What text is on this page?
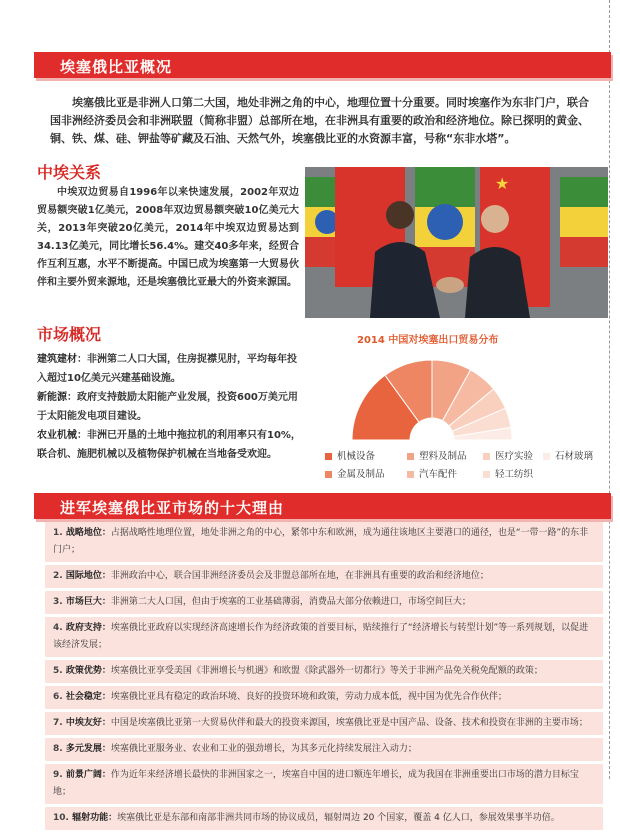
埃塞俄比亚概况
埃塞俄比亚是非洲人口第二大国，地处非洲之角的中心，地理位置十分重要。同时埃塞作为东非门户，联合国非洲经济委员会和非洲联盟（简称非盟）总部所在地，在非洲具有重要的政治和经济地位。除已探明的黄金、铜、铁、煤、硅、钾盐等矿藏及石油、天然气外，埃塞俄比亚的水资源丰富，号称“东非水塔”。
中埃关系
中埃双边贸易自1996年以来快速发展，2002年双边贸易额突破1亿美元，2008年双边贸易额突破10亿美元大关，2013年突破20亿美元，2014年中埃双边贸易达到34.13亿美元，同比增长56.4%。建交40多年来，经贸合作互利互惠，水平不断提高。中国已成为埃塞第一大贸易伙伴和主要外贸来源地，还是埃塞俄比亚最大的外资来源国。
★
市场概况

建筑建材：非洲第二人口大国，住房捉襟见肘，平均每年投入超过10亿美元兴建基础设施。

新能源：政府支持鼓励太阳能产业发展，投资600万美元用于太阳能发电项目建设。

农业机械：非洲已开垦的土地中拖拉机的利用率只有10%，联合机、施肥机械以及植物保护机械在当地备受欢迎。

2014 中国对埃塞出口贸易分布
机械设备
金属及制品
塑料及制品
汽车配件
医疗实验
轻工纺织
石材玻璃
进军埃塞俄比亚市场的十大理由
1. 战略地位：占据战略性地理位置，地处非洲之角的中心，紧邻中东和欧洲，成为通往该地区主要港口的通径，也是“一带一路”的东非门户；
2. 国际地位：非洲政治中心，联合国非洲经济委员会及非盟总部所在地，在非洲具有重要的政治和经济地位；
3. 市场巨大：非洲第二大人口国，但由于埃塞的工业基础薄弱，消费品大部分依赖进口，市场空间巨大；
4. 政府支持：埃塞俄比亚政府以实现经济高速增长作为经济政策的首要目标，贴续推行了“经济增长与转型计划”等一系列规划，以促进该经济发展；
5. 政策优势：埃塞俄比亚享受美国《非洲增长与机遇》和欧盟《除武器外一切都行》等关于非洲产品免关税免配额的政策；
6. 社会稳定：埃塞俄比亚具有稳定的政治环境、良好的投资环境和政策，劳动力成本低，视中国为优先合作伙伴；
7. 中埃友好：中国是埃塞俄比亚第一大贸易伙伴和最大的投资来源国，埃塞俄比亚是中国产品、设备、技术和投资在非洲的主要市场；
8. 多元发展：埃塞俄比亚服务业、农业和工业的强劲增长，为其多元化持续发展注入动力；
9. 前景广阔：作为近年来经济增长最快的非洲国家之一，埃塞自中国的进口额连年增长，成为我国在非洲重要出口市场的潜力目标宝地；
10. 辐射功能：埃塞俄比亚是东部和南部非洲共同市场的协议成员，辐射周边 20 个国家，覆盖 4 亿人口，参展效果事半功倍。
